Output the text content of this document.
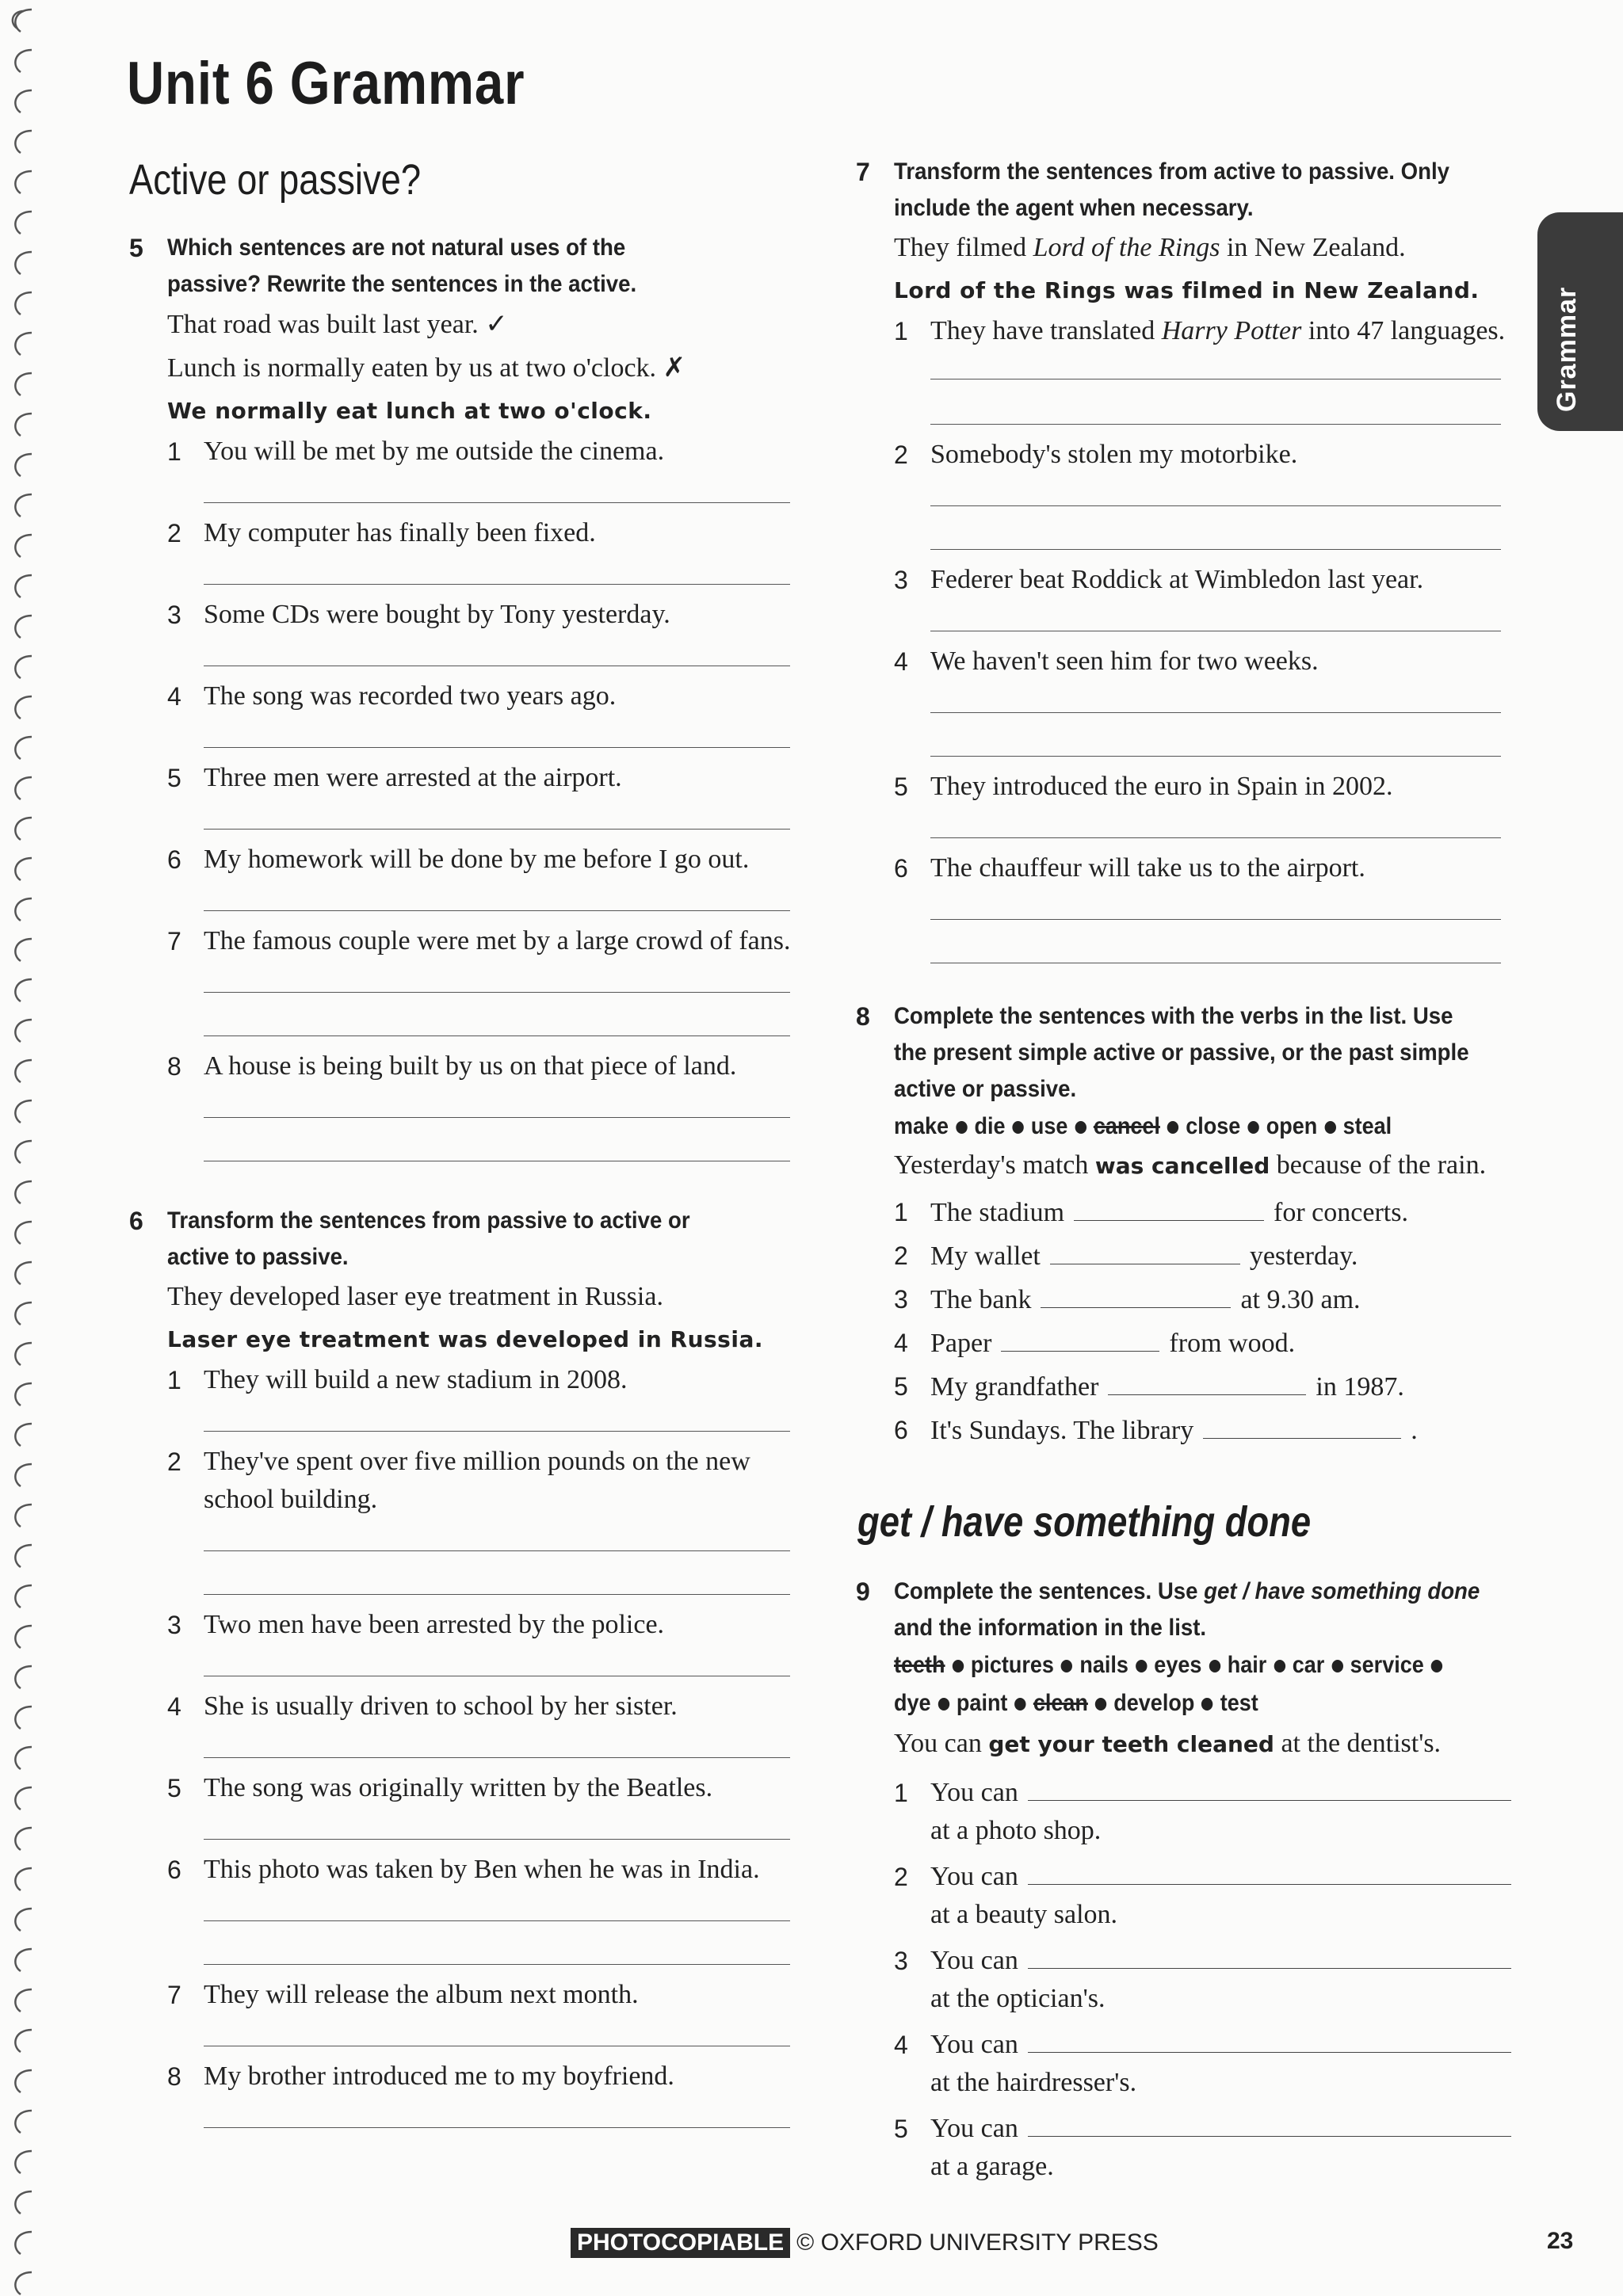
Unit 6 Grammar
Grammar
Active or passive?
5	Which sentences are not natural uses of the passive? Rewrite the sentences in the active.
That road was built last year. ✓
Lunch is normally eaten by us at two o'clock. ✗
We normally eat lunch at two o'clock.
1 You will be met by me outside the cinema.
2 My computer has finally been fixed.
3 Some CDs were bought by Tony yesterday.
4 The song was recorded two years ago.
5 Three men were arrested at the airport.
6 My homework will be done by me before I go out.
7 The famous couple were met by a large crowd of fans.
8 A house is being built by us on that piece of land.
6	Transform the sentences from passive to active or active to passive.
They developed laser eye treatment in Russia.
Laser eye treatment was developed in Russia.
1 They will build a new stadium in 2008.
2 They've spent over five million pounds on the new school building.
3 Two men have been arrested by the police.
4 She is usually driven to school by her sister.
5 The song was originally written by the Beatles.
6 This photo was taken by Ben when he was in India.
7 They will release the album next month.
8 My brother introduced me to my boyfriend.
7	Transform the sentences from active to passive. Only include the agent when necessary.
They filmed Lord of the Rings in New Zealand.
Lord of the Rings was filmed in New Zealand.
1 They have translated Harry Potter into 47 languages.
2 Somebody's stolen my motorbike.
3 Federer beat Roddick at Wimbledon last year.
4 We haven't seen him for two weeks.
5 They introduced the euro in Spain in 2002.
6 The chauffeur will take us to the airport.
8	Complete the sentences with the verbs in the list. Use the present simple active or passive, or the past simple active or passive.
make die use cancel close open steal
Yesterday's match was cancelled because of the rain.
1 The stadium	for concerts.
2 My wallet	yesterday.
3 The bank	at 9.30 am.
4 Paper	from wood.
5 My grandfather	in 1987.
6 It's Sundays. The library	.
get / have something done
9	Complete the sentences. Use get / have something done and the information in the list.
teeth pictures nails eyes hair car service
dye paint clean develop test
You can get your teeth cleaned at the dentist's.
1 You can
at a photo shop.
2 You can
at a beauty salon.
3 You can
at the optician's.
4 You can
at the hairdresser's.
5 You can
at a garage.
PHOTOCOPIABLE © OXFORD UNIVERSITY PRESS	23
